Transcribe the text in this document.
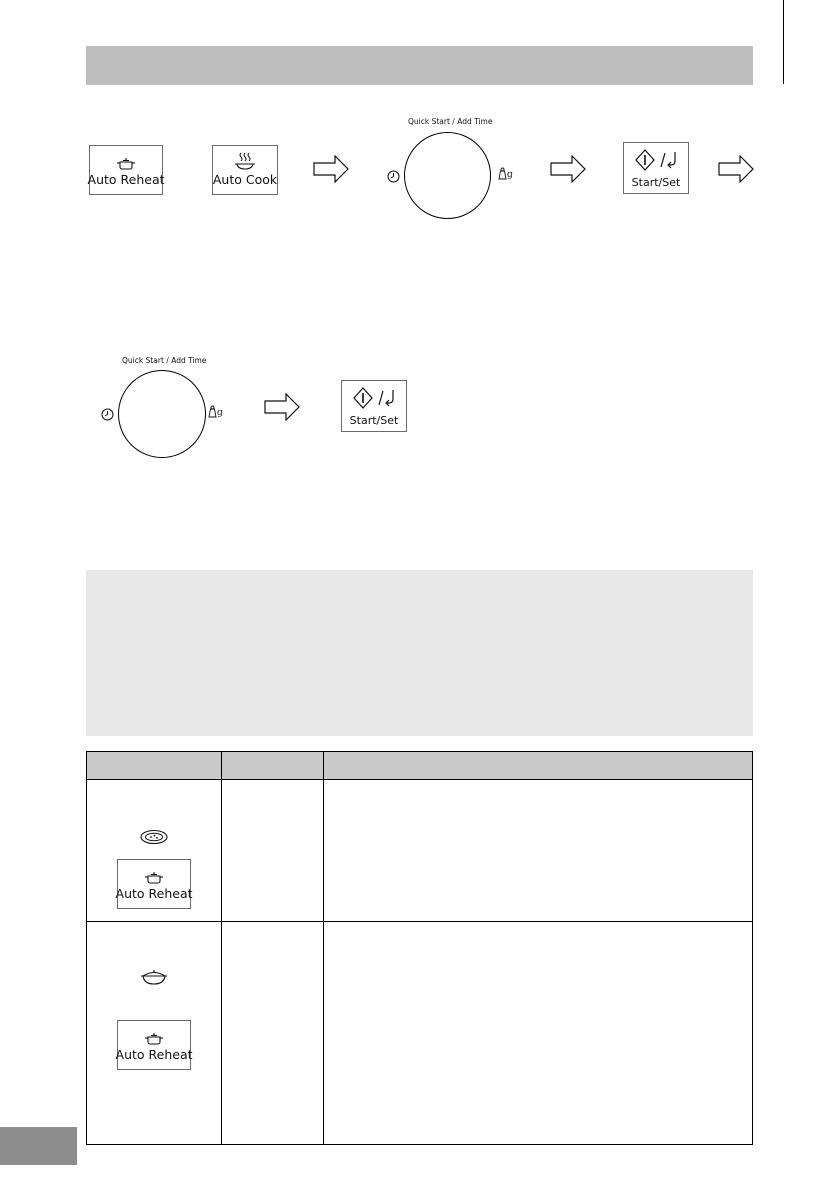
Auto Reheat	Auto Cook
Quick Start / Add Time
g
Start/Set
Quick Start / Add Time
g
Start/Set
Auto Reheat
Auto Reheat
